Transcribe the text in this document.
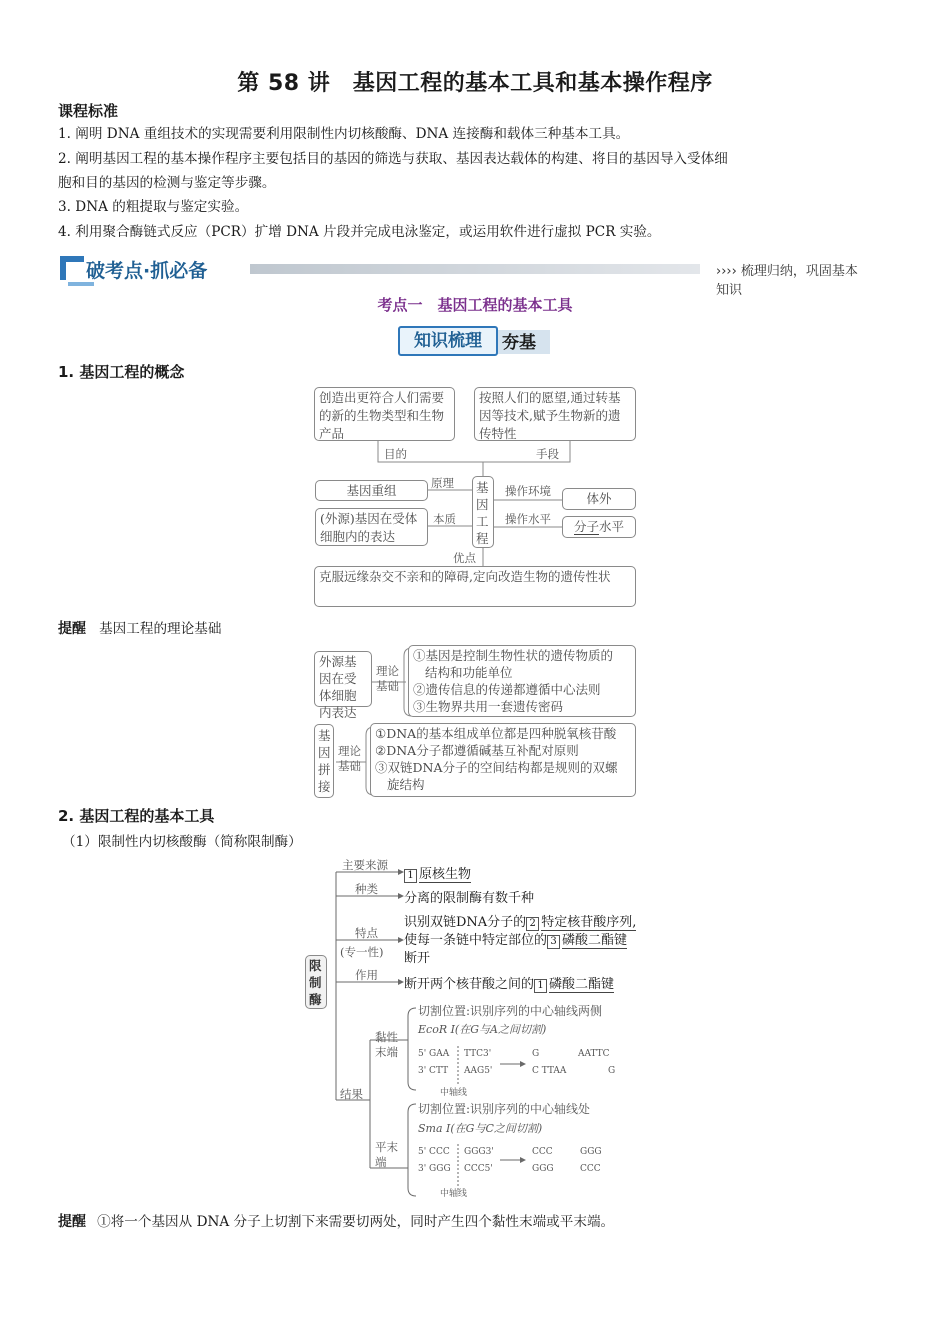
第 58 讲　基因工程的基本工具和基本操作程序
课程标准
1. 阐明 DNA 重组技术的实现需要利用限制性内切核酸酶、DNA 连接酶和载体三种基本工具。
2. 阐明基因工程的基本操作程序主要包括目的基因的筛选与获取、基因表达载体的构建、将目的基因导入受体细
胞和目的基因的检测与鉴定等步骤。
3. DNA 的粗提取与鉴定实验。
4. 利用聚合酶链式反应（PCR）扩增 DNA 片段并完成电泳鉴定，或运用软件进行虚拟 PCR 实验。
破考点·抓必备	›››› 梳理归纳，巩固基本知识
考点一　基因工程的基本工具
知识梳理	夯基
1. 基因工程的概念
创造出更符合人们需要的新的生物类型和生物产品
按照人们的愿望,通过转基因等技术,赋予生物新的遗传特性
目的	手段
基因工程
基因重组	原理
(外源)基因在受体细胞内的表达
本质
操作环境	体外
操作水平	分子水平
优点
克服远缘杂交不亲和的障碍,定向改造生物的遗传性状
提醒 基因工程的理论基础
外源基因在受体细胞内表达
理论基础
①基因是控制生物性状的遗传物质的
结构和功能单位
②遗传信息的传递都遵循中心法则
③生物界共用一套遗传密码
基因拼接
理论基础
①DNA的基本组成单位都是四种脱氧核苷酸
②DNA分子都遵循碱基互补配对原则
③双链DNA分子的空间结构都是规则的双螺
旋结构
2. 基因工程的基本工具
（1）限制性内切核酸酶（简称限制酶）
限制酶
主要来源
1 原核生物
种类
分离的限制酶有数千种
特点
(专一性)
识别双链DNA分子的 2 特定核苷酸序列,
使每一条链中特定部位的 3 磷酸二酯键
断开
作用
断开两个核苷酸之间的 1 磷酸二酯键
结果
黏性末端
切割位置:识别序列的中心轴线两侧
EcoR Ⅰ(在G与A之间切割)
5' GAA
3' CTT
TTC3'
AAG5'
G
C TTAA
AATTC
G
中轴线
平末端
切割位置:识别序列的中心轴线处
Sma Ⅰ(在G与C之间切割)
5' CCC
3' GGG
GGG3'
CCC5'
CCC
GGG
GGG
CCC
中轴线
提醒 ①将一个基因从 DNA 分子上切割下来需要切两处，同时产生四个黏性末端或平末端。
